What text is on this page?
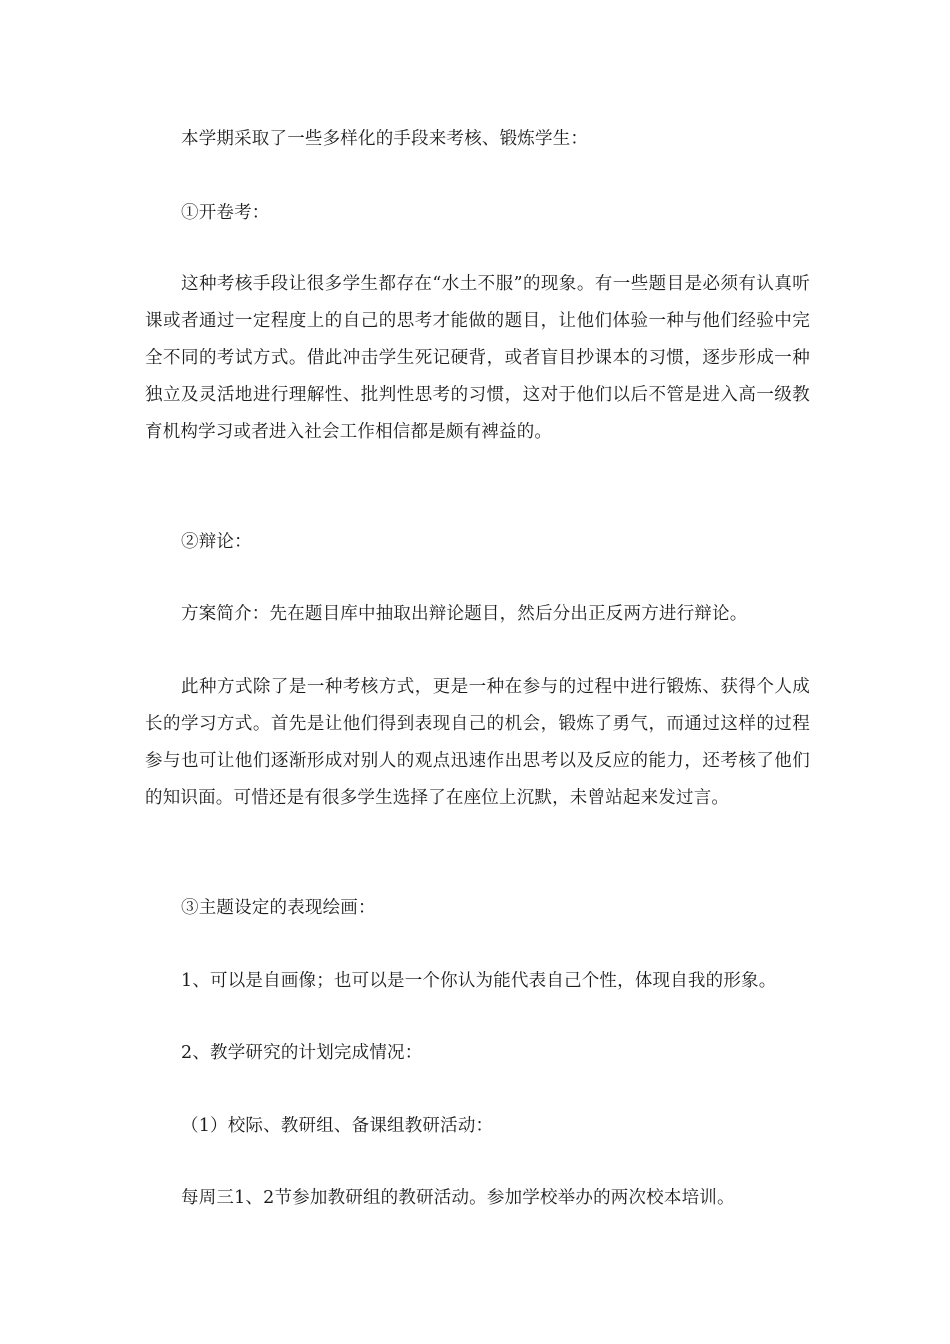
本学期采取了一些多样化的手段来考核、锻炼学生：

①开卷考：

这种考核手段让很多学生都存在“水土不服”的现象。有一些题目是必须有认真听课或者通过一定程度上的自己的思考才能做的题目，让他们体验一种与他们经验中完全不同的考试方式。借此冲击学生死记硬背，或者盲目抄课本的习惯，逐步形成一种独立及灵活地进行理解性、批判性思考的习惯，这对于他们以后不管是进入高一级教育机构学习或者进入社会工作相信都是颇有裨益的。

②辩论：

方案简介：先在题目库中抽取出辩论题目，然后分出正反两方进行辩论。

此种方式除了是一种考核方式，更是一种在参与的过程中进行锻炼、获得个人成长的学习方式。首先是让他们得到表现自己的机会，锻炼了勇气，而通过这样的过程参与也可让他们逐渐形成对别人的观点迅速作出思考以及反应的能力，还考核了他们的知识面。可惜还是有很多学生选择了在座位上沉默，未曾站起来发过言。

③主题设定的表现绘画：

1、可以是自画像；也可以是一个你认为能代表自己个性，体现自我的形象。

2、教学研究的计划完成情况：

（1）校际、教研组、备课组教研活动：

每周三1、2节参加教研组的教研活动。参加学校举办的两次校本培训。
